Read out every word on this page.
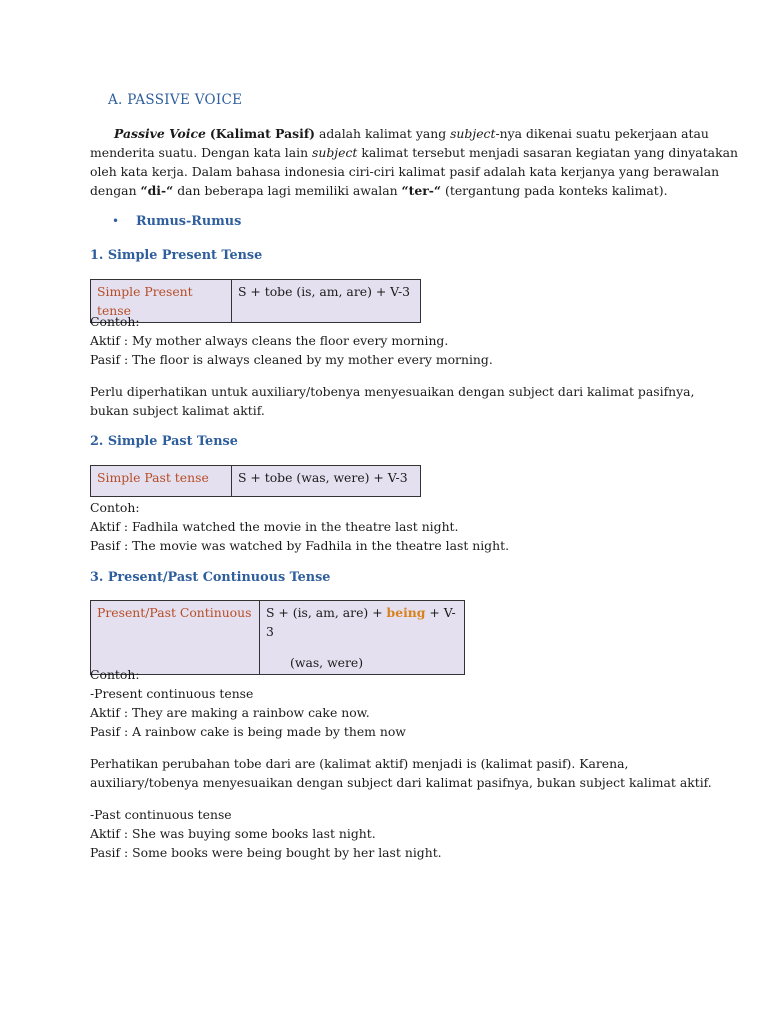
A. PASSIVE VOICE
Passive Voice (Kalimat Pasif) adalah kalimat yang subject-nya dikenai suatu pekerjaan atau
menderita suatu. Dengan kata lain subject kalimat tersebut menjadi sasaran kegiatan yang dinyatakan
oleh kata kerja. Dalam bahasa indonesia ciri-ciri kalimat pasif adalah kata kerjanya yang berawalan
dengan “di-“ dan beberapa lagi memiliki awalan “ter-“ (tergantung pada konteks kalimat).
• Rumus-Rumus
1. Simple Present Tense
Simple Present tense	S + tobe (is, am, are) + V-3
Contoh:
Aktif : My mother always cleans the floor every morning.
Pasif : The floor is always cleaned by my mother every morning.
Perlu diperhatikan untuk auxiliary/tobenya menyesuaikan dengan subject dari kalimat pasifnya,
bukan subject kalimat aktif.
2. Simple Past Tense
Simple Past tense	S + tobe (was, were) + V-3
Contoh:
Aktif : Fadhila watched the movie in the theatre last night.
Pasif : The movie was watched by Fadhila in the theatre last night.
3. Present/Past Continuous Tense
Present/Past Continuous	S + (is, am, are) + being + V-3
(was, were)
Contoh:
-Present continuous tense
Aktif : They are making a rainbow cake now.
Pasif : A rainbow cake is being made by them now
Perhatikan perubahan tobe dari are (kalimat aktif) menjadi is (kalimat pasif). Karena,
auxiliary/tobenya menyesuaikan dengan subject dari kalimat pasifnya, bukan subject kalimat aktif.
-Past continuous tense
Aktif : She was buying some books last night.
Pasif : Some books were being bought by her last night.
